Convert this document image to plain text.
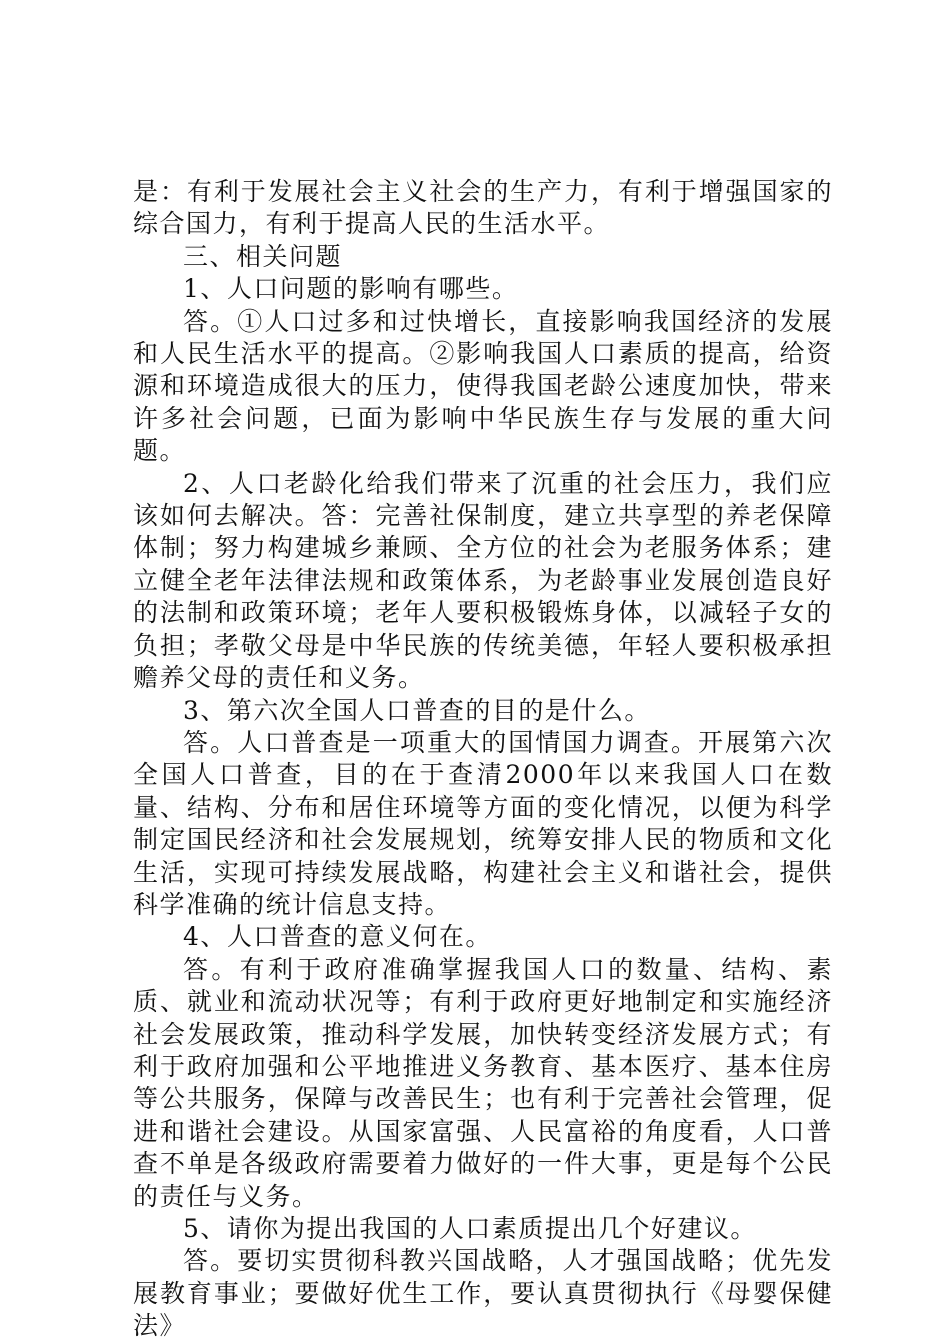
是：有利于发展社会主义社会的生产力，有利于增强国家的综合国力，有利于提高人民的生活水平。

三、相关问题

1、人口问题的影响有哪些。

答。①人口过多和过快增长，直接影响我国经济的发展和人民生活水平的提高。②影响我国人口素质的提高，给资源和环境造成很大的压力，使得我国老龄公速度加快，带来许多社会问题，已面为影响中华民族生存与发展的重大问题。

2、人口老龄化给我们带来了沉重的社会压力，我们应该如何去解决。答：完善社保制度，建立共享型的养老保障体制；努力构建城乡兼顾、全方位的社会为老服务体系；建立健全老年法律法规和政策体系，为老龄事业发展创造良好的法制和政策环境；老年人要积极锻炼身体，以减轻子女的负担；孝敬父母是中华民族的传统美德，年轻人要积极承担赡养父母的责任和义务。

3、第六次全国人口普查的目的是什么。

答。人口普查是一项重大的国情国力调查。开展第六次全国人口普查，目的在于查清2000年以来我国人口在数量、结构、分布和居住环境等方面的变化情况，以便为科学制定国民经济和社会发展规划，统筹安排人民的物质和文化生活，实现可持续发展战略，构建社会主义和谐社会，提供科学准确的统计信息支持。

4、人口普查的意义何在。

答。有利于政府准确掌握我国人口的数量、结构、素质、就业和流动状况等；有利于政府更好地制定和实施经济社会发展政策，推动科学发展，加快转变经济发展方式；有利于政府加强和公平地推进义务教育、基本医疗、基本住房等公共服务，保障与改善民生；也有利于完善社会管理，促进和谐社会建设。从国家富强、人民富裕的角度看，人口普查不单是各级政府需要着力做好的一件大事，更是每个公民的责任与义务。

5、请你为提出我国的人口素质提出几个好建议。

答。要切实贯彻科教兴国战略，人才强国战略；优先发展教育事业；要做好优生工作，要认真贯彻执行《母婴保健法》
